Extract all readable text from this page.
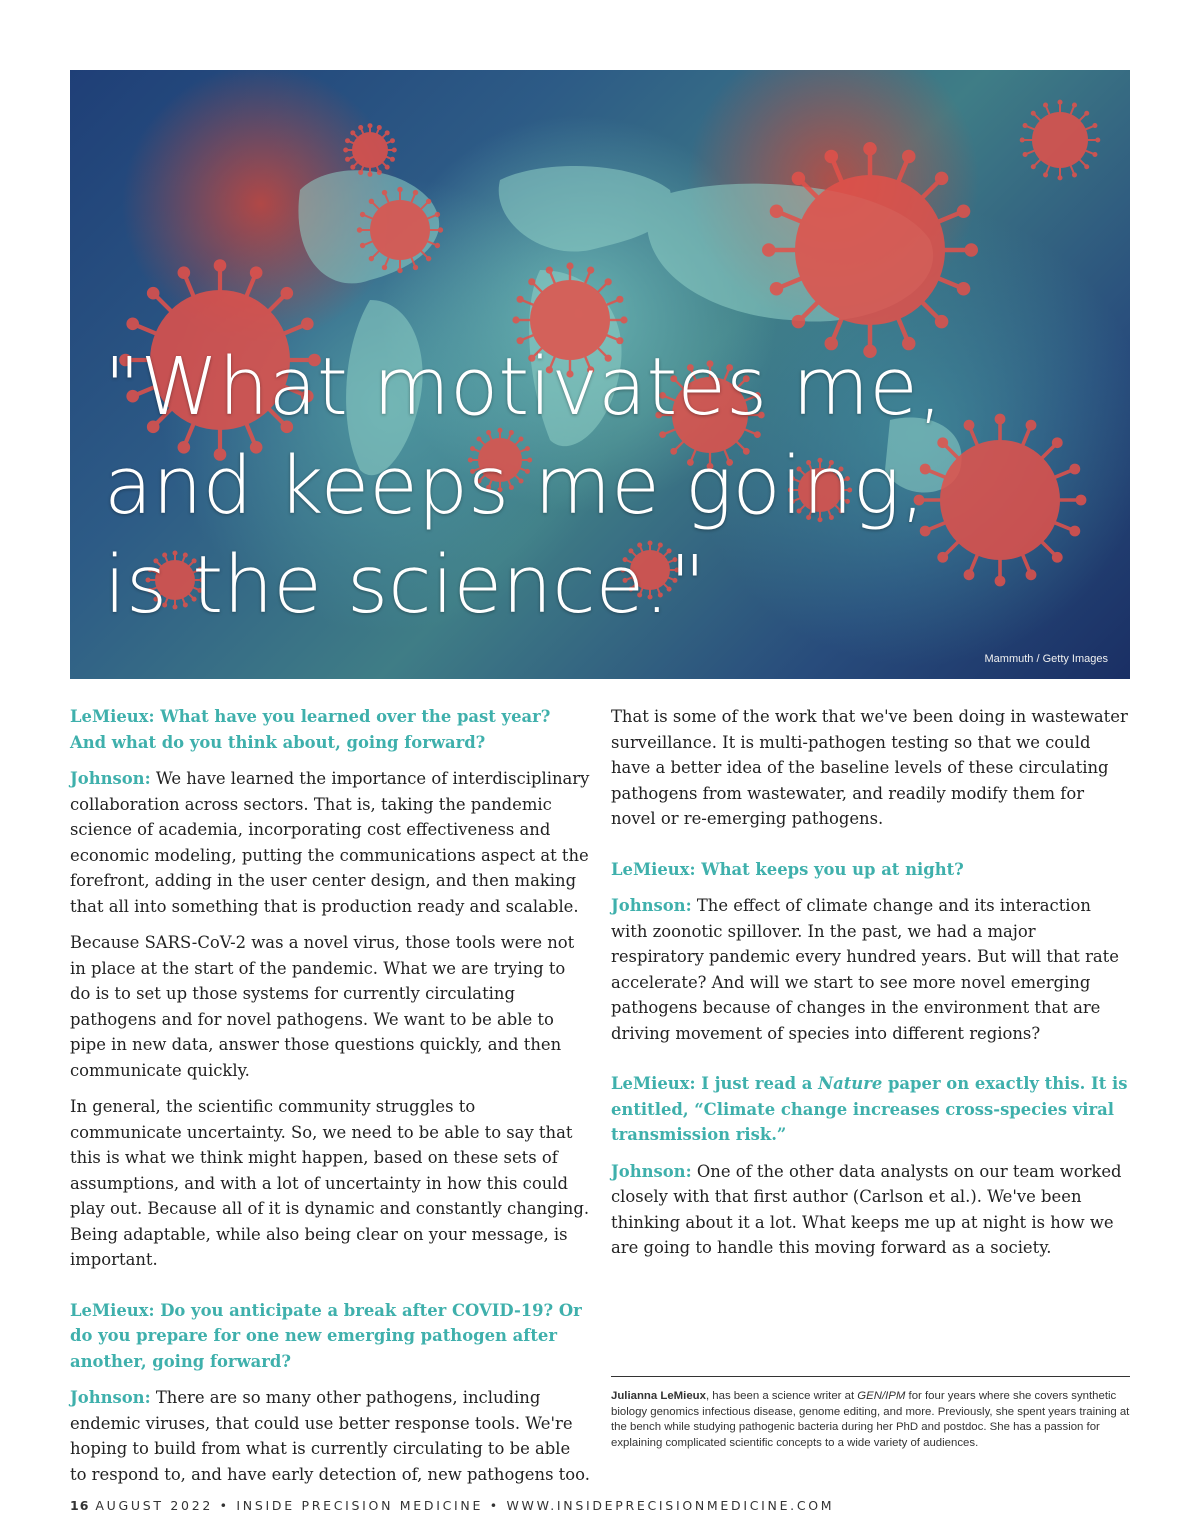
"What motivates me,
and keeps me going,
is the science."
Mammuth / Getty Images

LeMieux: What have you learned over the past year? And what do you think about, going forward?

Johnson: We have learned the importance of interdisciplinary collaboration across sectors. That is, taking the pandemic science of academia, incorporating cost effectiveness and economic modeling, putting the communications aspect at the forefront, adding in the user center design, and then making that all into something that is production ready and scalable.

Because SARS-CoV-2 was a novel virus, those tools were not in place at the start of the pandemic. What we are trying to do is to set up those systems for currently circulating pathogens and for novel pathogens. We want to be able to pipe in new data, answer those questions quickly, and then communicate quickly.

In general, the scientific community struggles to communicate uncertainty. So, we need to be able to say that this is what we think might happen, based on these sets of assumptions, and with a lot of uncertainty in how this could play out. Because all of it is dynamic and constantly changing. Being adaptable, while also being clear on your message, is important.

LeMieux: Do you anticipate a break after COVID-19? Or do you prepare for one new emerging pathogen after another, going forward?

Johnson: There are so many other pathogens, including endemic viruses, that could use better response tools. We're hoping to build from what is currently circulating to be able to respond to, and have early detection of, new pathogens too.

That is some of the work that we've been doing in wastewater surveillance. It is multi-pathogen testing so that we could have a better idea of the baseline levels of these circulating pathogens from wastewater, and readily modify them for novel or re-emerging pathogens.

LeMieux: What keeps you up at night?

Johnson: The effect of climate change and its interaction with zoonotic spillover. In the past, we had a major respiratory pandemic every hundred years. But will that rate accelerate? And will we start to see more novel emerging pathogens because of changes in the environment that are driving movement of species into different regions?

LeMieux: I just read a Nature paper on exactly this. It is entitled, “Climate change increases cross-species viral transmission risk.”

Johnson: One of the other data analysts on our team worked closely with that first author (Carlson et al.). We've been thinking about it a lot. What keeps me up at night is how we are going to handle this moving forward as a society.

Julianna LeMieux, has been a science writer at GEN/IPM for four years where she covers synthetic biology genomics infectious disease, genome editing, and more. Previously, she spent years training at the bench while studying pathogenic bacteria during her PhD and postdoc. She has a passion for explaining complicated scientific concepts to a wide variety of audiences.

16 AUGUST 2022 • INSIDE PRECISION MEDICINE • WWW.INSIDEPRECISIONMEDICINE.COM
